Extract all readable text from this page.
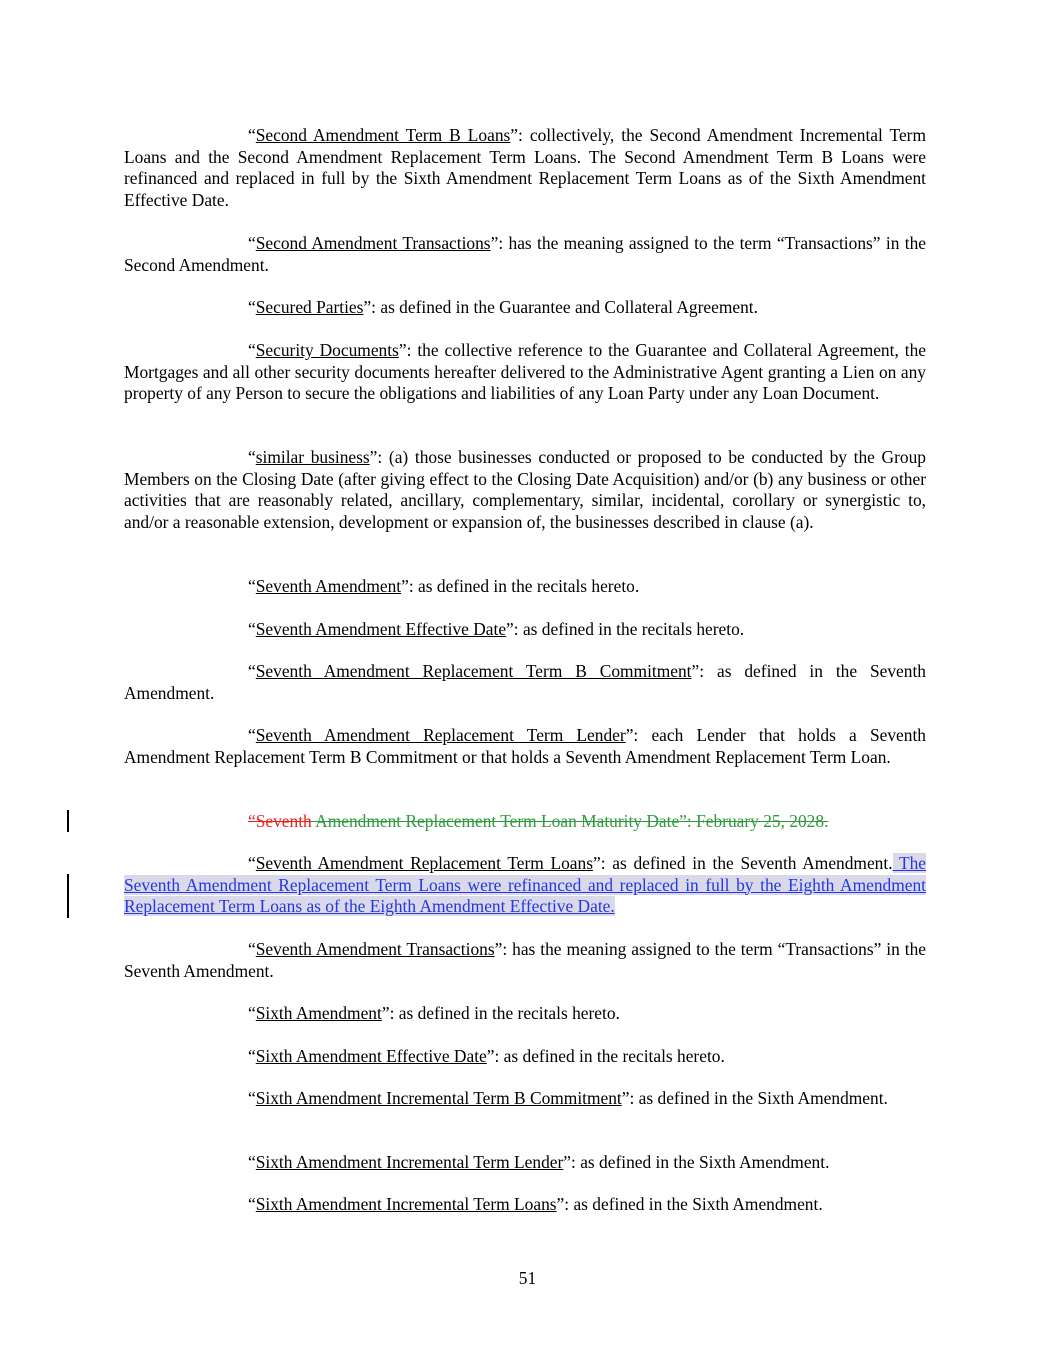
“Second Amendment Term B Loans”: collectively, the Second Amendment Incremental Term Loans and the Second Amendment Replacement Term Loans. The Second Amendment Term B Loans were refinanced and replaced in full by the Sixth Amendment Replacement Term Loans as of the Sixth Amendment Effective Date.

“Second Amendment Transactions”: has the meaning assigned to the term “Transactions” in the Second Amendment.

“Secured Parties”: as defined in the Guarantee and Collateral Agreement.

“Security Documents”: the collective reference to the Guarantee and Collateral Agreement, the Mortgages and all other security documents hereafter delivered to the Administrative Agent granting a Lien on any property of any Person to secure the obligations and liabilities of any Loan Party under any Loan Document.

“similar business”: (a) those businesses conducted or proposed to be conducted by the Group Members on the Closing Date (after giving effect to the Closing Date Acquisition) and/or (b) any business or other activities that are reasonably related, ancillary, complementary, similar, incidental, corollary or synergistic to, and/or a reasonable extension, development or expansion of, the businesses described in clause (a).

“Seventh Amendment”: as defined in the recitals hereto.

“Seventh Amendment Effective Date”: as defined in the recitals hereto.

“Seventh Amendment Replacement Term B Commitment”: as defined in the Seventh Amendment.

“Seventh Amendment Replacement Term Lender”: each Lender that holds a Seventh Amendment Replacement Term B Commitment or that holds a Seventh Amendment Replacement Term Loan.

“Seventh Amendment Replacement Term Loan Maturity Date”: February 25, 2028.

“Seventh Amendment Replacement Term Loans”: as defined in the Seventh Amendment. The Seventh Amendment Replacement Term Loans were refinanced and replaced in full by the Eighth Amendment Replacement Term Loans as of the Eighth Amendment Effective Date.

“Seventh Amendment Transactions”: has the meaning assigned to the term “Transactions” in the Seventh Amendment.

“Sixth Amendment”: as defined in the recitals hereto.

“Sixth Amendment Effective Date”: as defined in the recitals hereto.

“Sixth Amendment Incremental Term B Commitment”: as defined in the Sixth Amendment.

“Sixth Amendment Incremental Term Lender”: as defined in the Sixth Amendment.

“Sixth Amendment Incremental Term Loans”: as defined in the Sixth Amendment.

51
